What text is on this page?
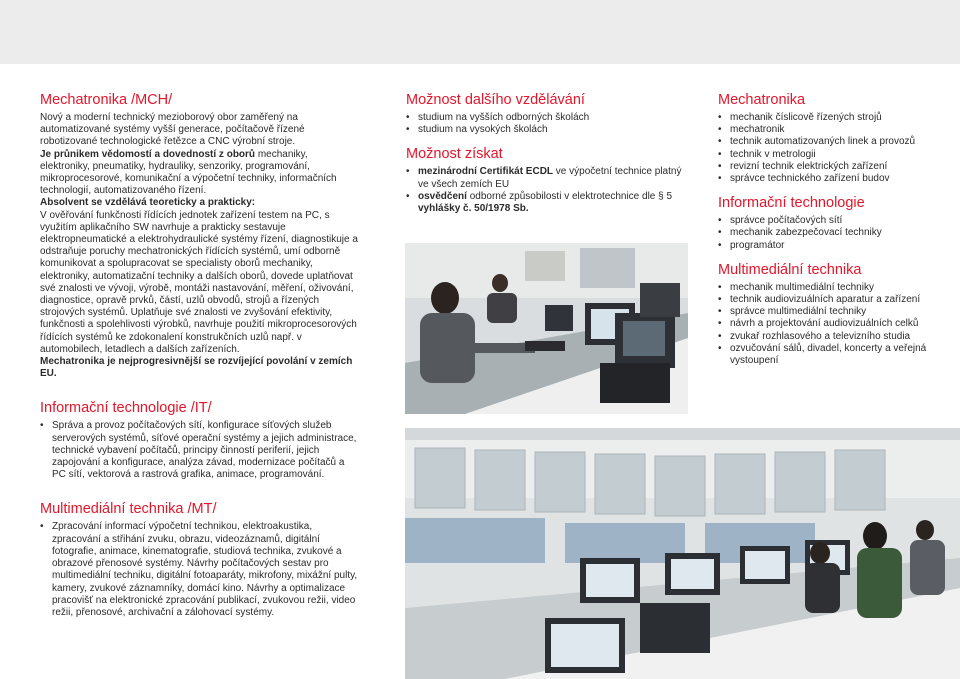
Mechatronika /MCH/

Nový a moderní technický mezioborový obor zaměřený na automatizované systémy vyšší generace, počítačově řízené robotizované technologické řetězce a CNC výrobní stroje.

Je průnikem vědomostí a dovedností z oborů mechaniky, elektroniky, pneumatiky, hydrauliky, senzoriky, programování, mikroprocesorové, komunikační a výpočetní techniky, informačních technologií, automatizovaného řízení.

Absolvent se vzdělává teoreticky a prakticky:

V ověřování funkčnosti řídících jednotek zařízení testem na PC, s využitím aplikačního SW navrhuje a prakticky sestavuje elektropneumatické a elektrohydraulické systémy řízení, diagnostikuje a odstraňuje poruchy mechatronických řídících systémů, umí odborně komunikovat a spolupracovat se specialisty oborů mechaniky, elektroniky, automatizační techniky a dalších oborů, dovede uplatňovat své znalosti ve vývoji, výrobě, montáži nastavování, měření, oživování, diagnostice, opravě prvků, částí, uzlů obvodů, strojů a řízených strojových systémů. Uplatňuje své znalosti ve zvyšování efektivity, funkčnosti a spolehlivosti výrobků, navrhuje použití mikroprocesorových řídících systémů ke zdokonalení konstrukčních uzlů např. v automobilech, letadlech a dalších zařízeních.

Mechatronika je nejprogresivnější se rozvíjející povolání v zemích EU.

Informační technologie /IT/
• Správa a provoz počítačových sítí, konfigurace síťových služeb serverových systémů, síťové operační systémy a jejich administrace, technické vybavení počítačů, principy činností periferií, jejich zapojování a konfigurace, analýza závad, modernizace počítačů a PC sítí, vektorová a rastrová grafika, animace, programování.
Multimediální technika /MT/
• Zpracování informací výpočetní technikou, elektroakustika, zpracování a střihání zvuku, obrazu, videozáznamů, digitální fotografie, animace, kinematografie, studiová technika, zvukové a obrazové přenosové systémy. Návrhy počítačových sestav pro multimediální techniku, digitální fotoaparáty, mikrofony, mixážní pulty, kamery, zvukové záznamníky, domácí kino. Návrhy a optimalizace pracovišť na elektronické zpracování publikací, zvukovou režii, video režii, přenosové, archivační a zálohovací systémy.
Možnost dalšího vzdělávání
• studium na vyšších odborných školách
• studium na vysokých školách
Možnost získat
• mezinárodní Certifikát ECDL ve výpočetní technice platný ve všech zemích EU
• osvědčení odborné způsobilosti v elektrotechnice dle § 5 vyhlášky č. 50/1978 Sb.
Mechatronika
• mechanik číslicově řízených strojů
• mechatronik
• technik automatizovaných linek a provozů
• technik v metrologii
• revizní technik elektrických zařízení
• správce technického zařízení budov
Informační technologie
• správce počítačových sítí
• mechanik zabezpečovací techniky
• programátor
Multimediální technika
• mechanik multimediální techniky
• technik audiovizuálních aparatur a zařízení
• správce multimediální techniky
• návrh a projektování audiovizuálních celků
• zvukař rozhlasového a televizního studia
• ozvučování sálů, divadel, koncerty a veřejná vystoupení
